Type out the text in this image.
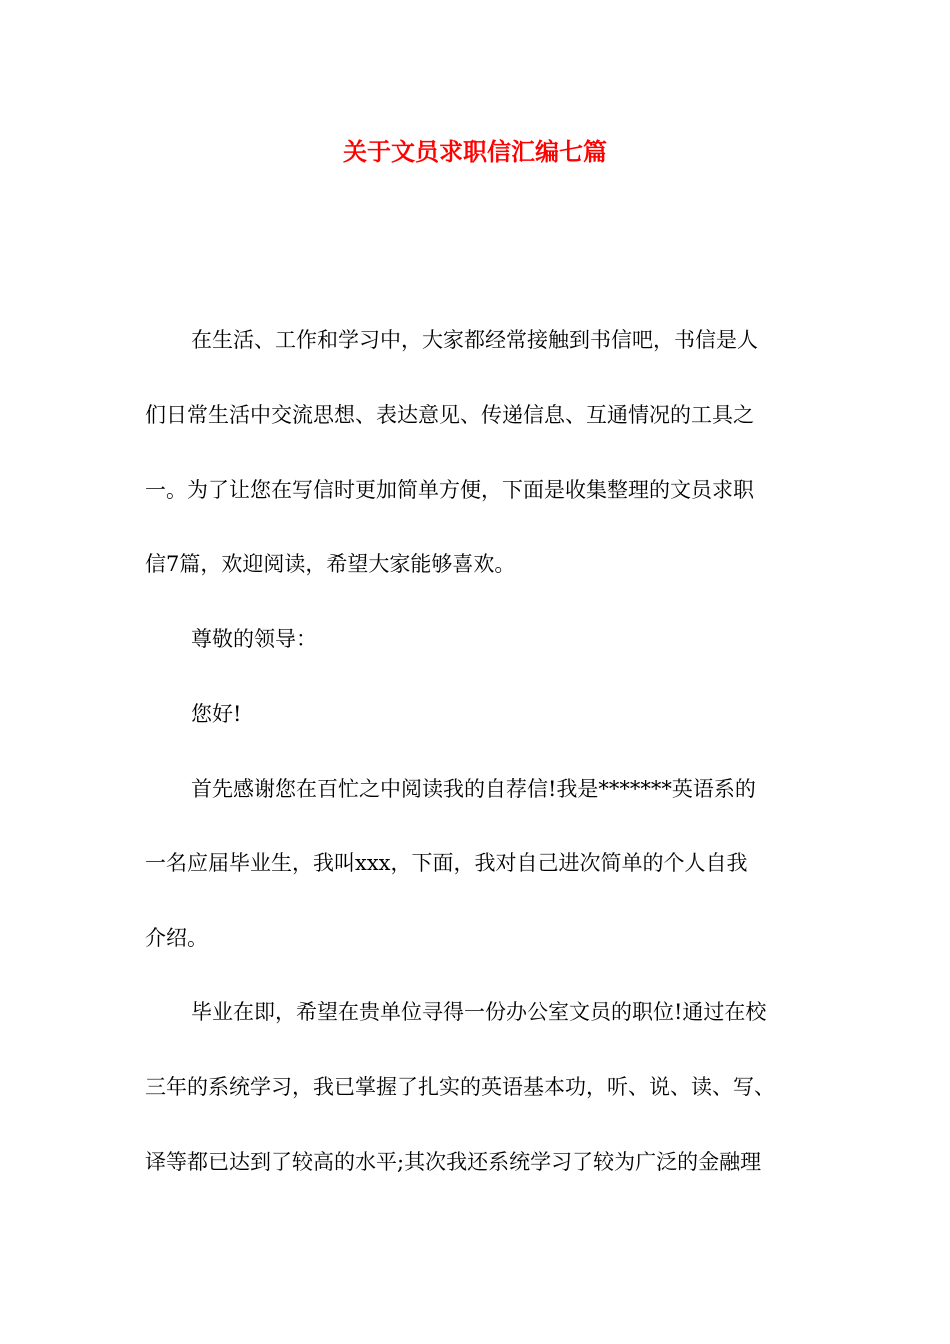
关于文员求职信汇编七篇
在生活、工作和学习中，大家都经常接触到书信吧，书信是人
们日常生活中交流思想、表达意见、传递信息、互通情况的工具之
一。为了让您在写信时更加简单方便，下面是收集整理的文员求职
信7篇，欢迎阅读，希望大家能够喜欢。
尊敬的领导：
您好!
首先感谢您在百忙之中阅读我的自荐信!我是*******英语系的
一名应届毕业生，我叫xxx，下面，我对自己进次简单的个人自我
介绍。
毕业在即，希望在贵单位寻得一份办公室文员的职位!通过在校
三年的系统学习，我已掌握了扎实的英语基本功，听、说、读、写、
译等都已达到了较高的水平;其次我还系统学习了较为广泛的金融理
